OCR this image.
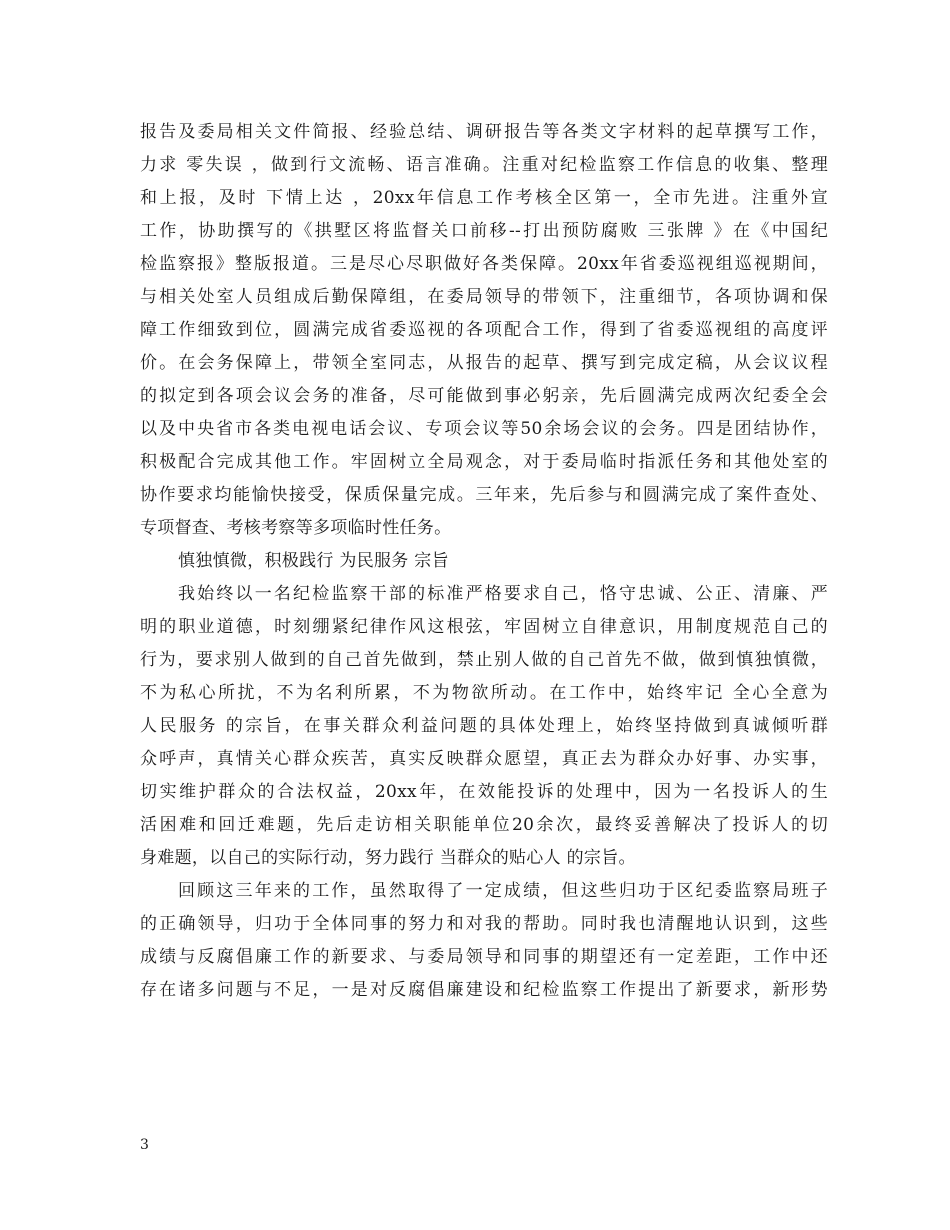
报告及委局相关文件简报、经验总结、调研报告等各类文字材料的起草撰写工作，
力求 零失误 ，做到行文流畅、语言准确。注重对纪检监察工作信息的收集、整理
和上报，及时 下情上达 ，20xx年信息工作考核全区第一，全市先进。注重外宣
工作，协助撰写的《拱墅区将监督关口前移--打出预防腐败 三张牌 》在《中国纪
检监察报》整版报道。三是尽心尽职做好各类保障。20xx年省委巡视组巡视期间，
与相关处室人员组成后勤保障组，在委局领导的带领下，注重细节，各项协调和保
障工作细致到位，圆满完成省委巡视的各项配合工作，得到了省委巡视组的高度评
价。在会务保障上，带领全室同志，从报告的起草、撰写到完成定稿，从会议议程
的拟定到各项会议会务的准备，尽可能做到事必躬亲，先后圆满完成两次纪委全会
以及中央省市各类电视电话会议、专项会议等50余场会议的会务。四是团结协作，
积极配合完成其他工作。牢固树立全局观念，对于委局临时指派任务和其他处室的
协作要求均能愉快接受，保质保量完成。三年来，先后参与和圆满完成了案件查处、
专项督查、考核考察等多项临时性任务。
慎独慎微，积极践行 为民服务 宗旨
我始终以一名纪检监察干部的标准严格要求自己，恪守忠诚、公正、清廉、严
明的职业道德，时刻绷紧纪律作风这根弦，牢固树立自律意识，用制度规范自己的
行为，要求别人做到的自己首先做到，禁止别人做的自己首先不做，做到慎独慎微，
不为私心所扰，不为名利所累，不为物欲所动。在工作中，始终牢记 全心全意为
人民服务 的宗旨，在事关群众利益问题的具体处理上，始终坚持做到真诚倾听群
众呼声，真情关心群众疾苦，真实反映群众愿望，真正去为群众办好事、办实事，
切实维护群众的合法权益，20xx年，在效能投诉的处理中，因为一名投诉人的生
活困难和回迁难题，先后走访相关职能单位20余次，最终妥善解决了投诉人的切
身难题，以自己的实际行动，努力践行 当群众的贴心人 的宗旨。
回顾这三年来的工作，虽然取得了一定成绩，但这些归功于区纪委监察局班子
的正确领导，归功于全体同事的努力和对我的帮助。同时我也清醒地认识到，这些
成绩与反腐倡廉工作的新要求、与委局领导和同事的期望还有一定差距，工作中还
存在诸多问题与不足，一是对反腐倡廉建设和纪检监察工作提出了新要求，新形势
3
